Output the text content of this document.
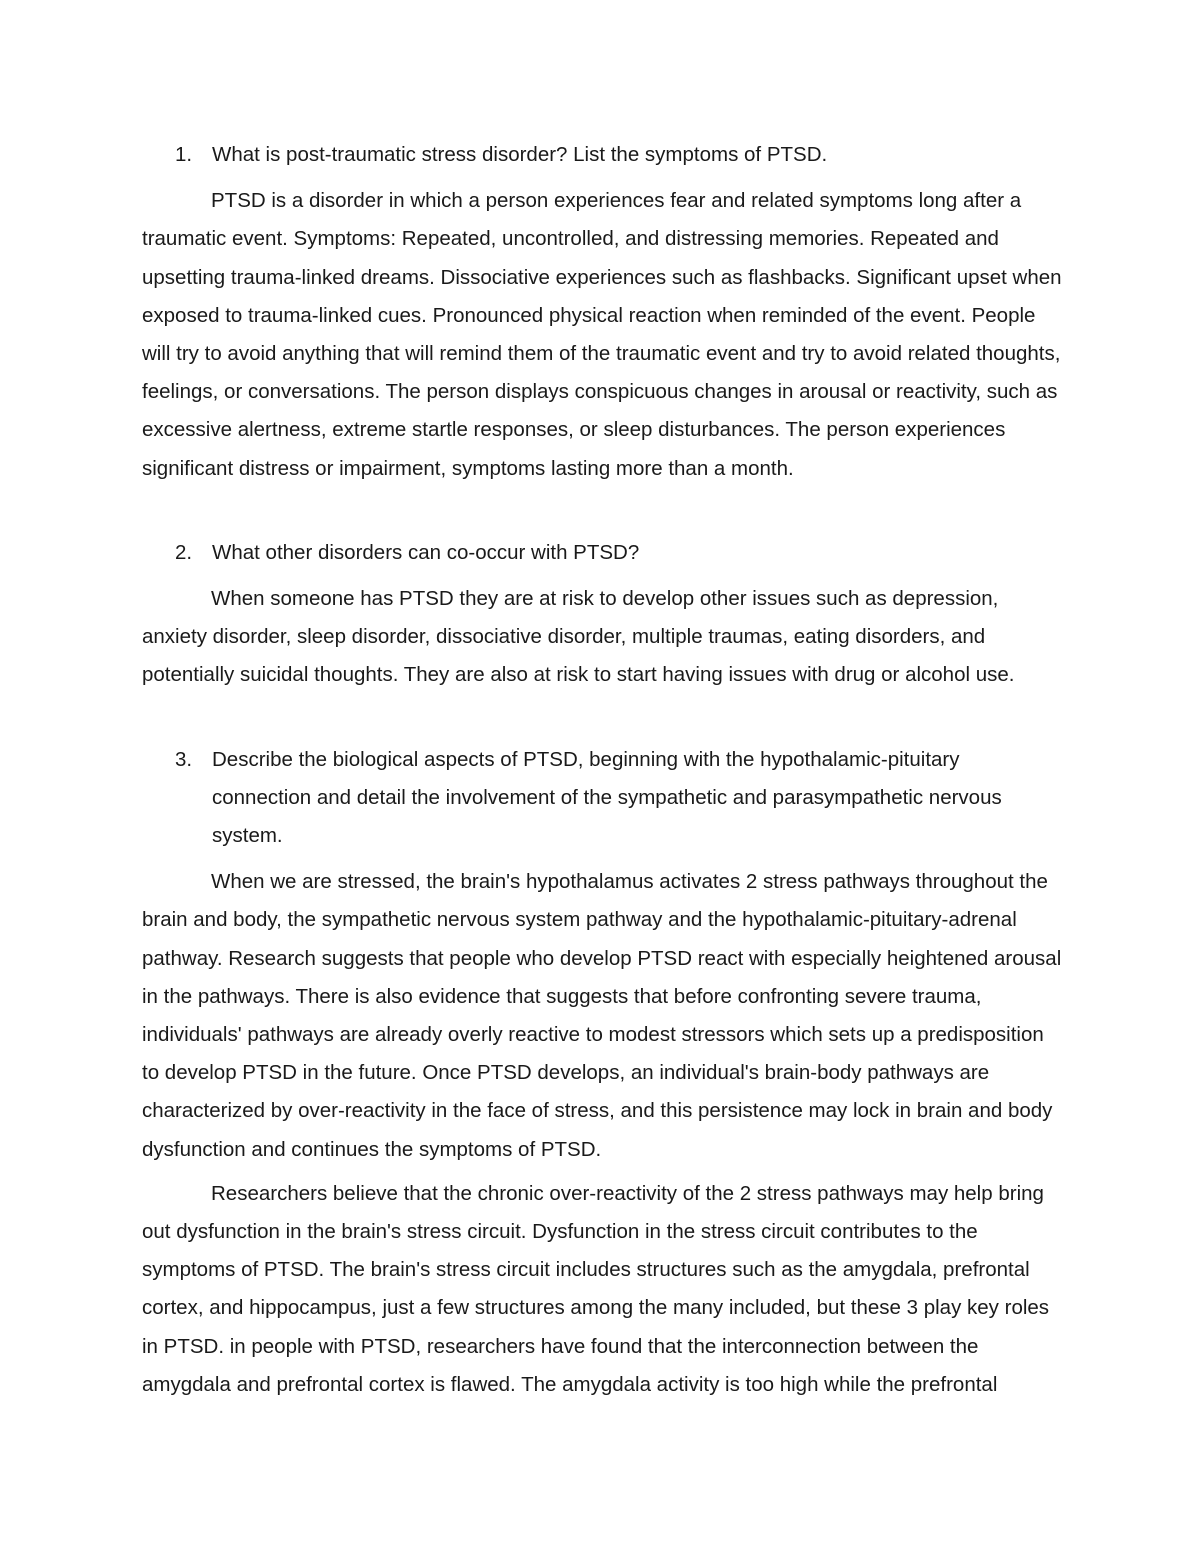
1. What is post-traumatic stress disorder? List the symptoms of PTSD.

PTSD is a disorder in which a person experiences fear and related symptoms long after a traumatic event. Symptoms: Repeated, uncontrolled, and distressing memories. Repeated and upsetting trauma-linked dreams. Dissociative experiences such as flashbacks. Significant upset when exposed to trauma-linked cues. Pronounced physical reaction when reminded of the event. People will try to avoid anything that will remind them of the traumatic event and try to avoid related thoughts, feelings, or conversations. The person displays conspicuous changes in arousal or reactivity, such as excessive alertness, extreme startle responses, or sleep disturbances. The person experiences significant distress or impairment, symptoms lasting more than a month.

2. What other disorders can co-occur with PTSD?

When someone has PTSD they are at risk to develop other issues such as depression, anxiety disorder, sleep disorder, dissociative disorder, multiple traumas, eating disorders, and potentially suicidal thoughts. They are also at risk to start having issues with drug or alcohol use.

3. Describe the biological aspects of PTSD, beginning with the hypothalamic-pituitary connection and detail the involvement of the sympathetic and parasympathetic nervous system.

When we are stressed, the brain's hypothalamus activates 2 stress pathways throughout the brain and body, the sympathetic nervous system pathway and the hypothalamic-pituitary-adrenal pathway. Research suggests that people who develop PTSD react with especially heightened arousal in the pathways. There is also evidence that suggests that before confronting severe trauma, individuals' pathways are already overly reactive to modest stressors which sets up a predisposition to develop PTSD in the future. Once PTSD develops, an individual's brain-body pathways are characterized by over-reactivity in the face of stress, and this persistence may lock in brain and body dysfunction and continues the symptoms of PTSD.

Researchers believe that the chronic over-reactivity of the 2 stress pathways may help bring out dysfunction in the brain's stress circuit. Dysfunction in the stress circuit contributes to the symptoms of PTSD. The brain's stress circuit includes structures such as the amygdala, prefrontal cortex, and hippocampus, just a few structures among the many included, but these 3 play key roles in PTSD. in people with PTSD, researchers have found that the interconnection between the amygdala and prefrontal cortex is flawed. The amygdala activity is too high while the prefrontal
